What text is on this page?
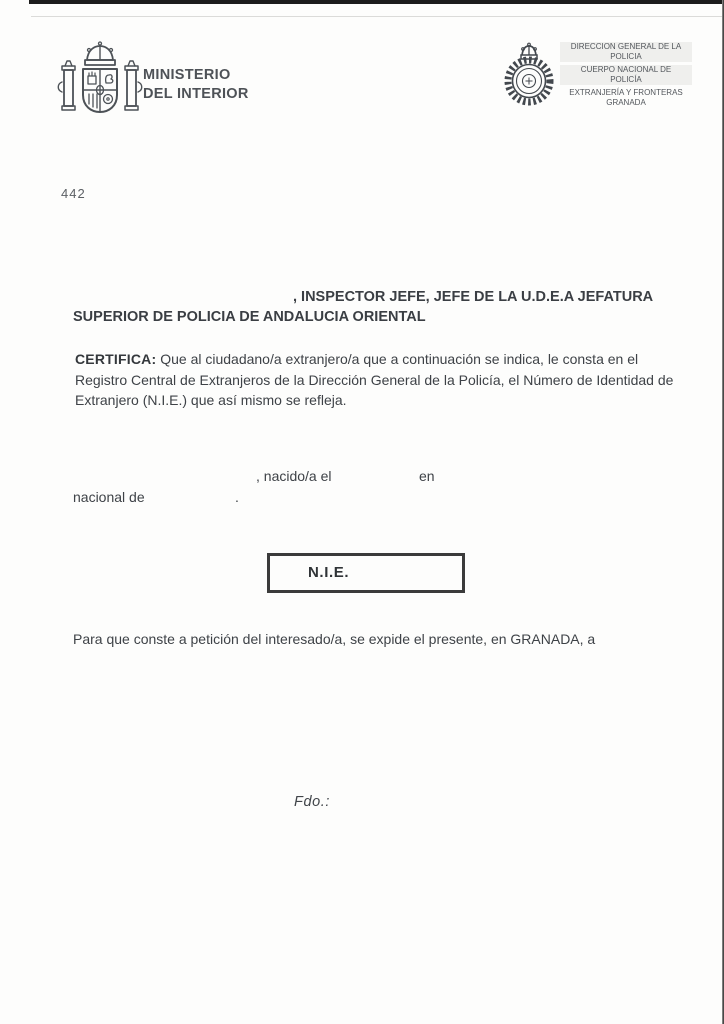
MINISTERIO
DEL INTERIOR
DIRECCION GENERAL DE LA
POLICIA
CUERPO NACIONAL DE
POLICÍA
EXTRANJERÍA Y FRONTERAS
GRANADA
442
, INSPECTOR JEFE, JEFE DE LA U.D.E.A JEFATURA
SUPERIOR DE POLICIA DE ANDALUCIA ORIENTAL

CERTIFICA: Que al ciudadano/a extranjero/a que a continuación se indica, le consta en el Registro Central de Extranjeros de la Dirección General de la Policía, el Número de Identidad de Extranjero (N.I.E.) que así mismo se refleja.

, nacido/a el	en
nacional de	.
N.I.E.
Para que conste a petición del interesado/a, se expide el presente, en GRANADA, a
Fdo.:
